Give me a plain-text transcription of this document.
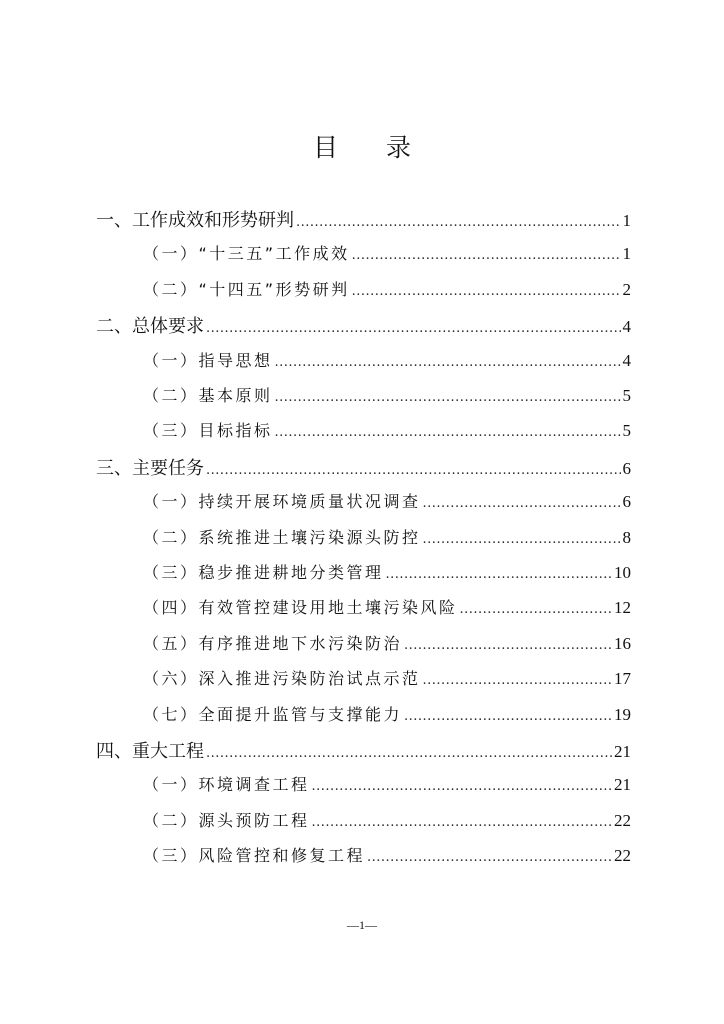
目 录
一、工作成效和形势研判 .....	1
（一）“十三五”工作成效 .....	1
（二）“十四五”形势研判 .....	2
二、总体要求 .....	4
（一）指导思想 .....	4
（二）基本原则 .....	5
（三）目标指标 .....	5
三、主要任务 .....	6
（一）持续开展环境质量状况调查 .....	6
（二）系统推进土壤污染源头防控 .....	8
（三）稳步推进耕地分类管理 .....	10
（四）有效管控建设用地土壤污染风险 .....	12
（五）有序推进地下水污染防治 .....	16
（六）深入推进污染防治试点示范 .....	17
（七）全面提升监管与支撑能力 .....	19
四、重大工程 .....	21
（一）环境调查工程 .....	21
（二）源头预防工程 .....	22
（三）风险管控和修复工程 .....	22
—1—
